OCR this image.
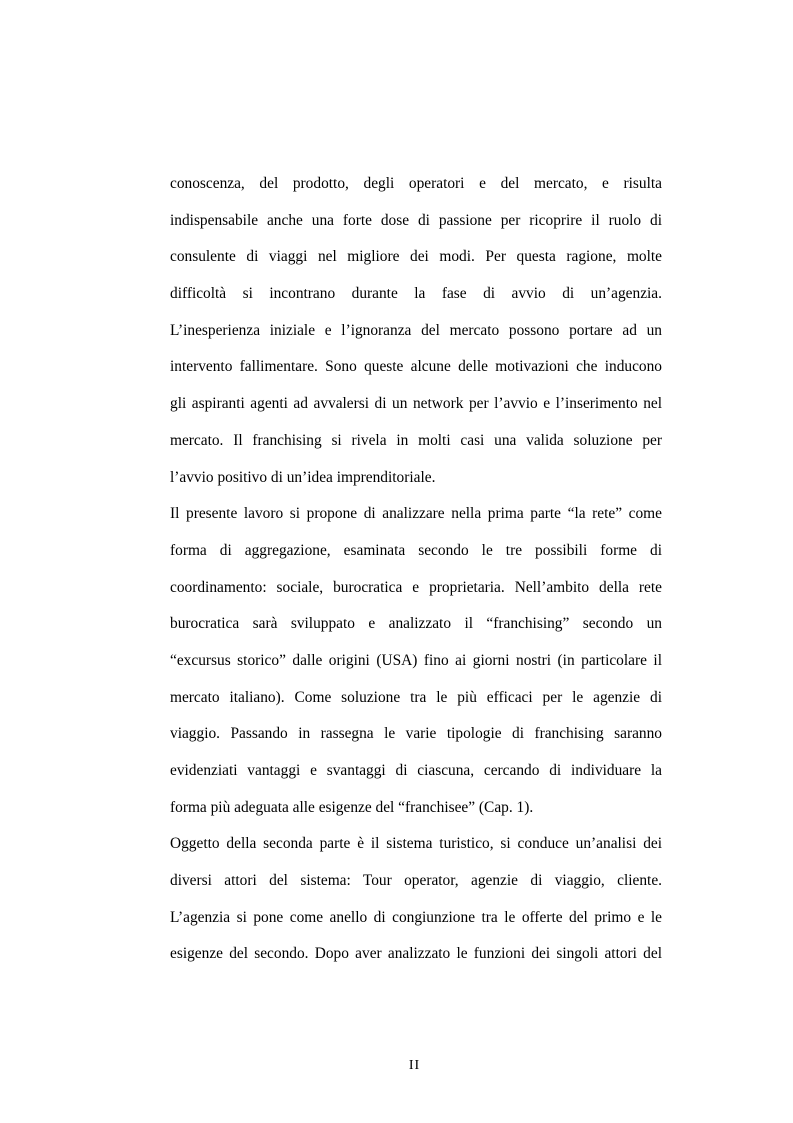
conoscenza, del prodotto, degli operatori e del mercato, e risulta
indispensabile anche una forte dose di passione per ricoprire il ruolo di
consulente di viaggi nel migliore dei modi. Per questa ragione, molte
difficoltà si incontrano durante la fase di avvio di un’agenzia.
L’inesperienza iniziale e l’ignoranza del mercato possono portare ad un
intervento fallimentare. Sono queste alcune delle motivazioni che inducono
gli aspiranti agenti ad avvalersi di un network per l’avvio e l’inserimento nel
mercato. Il franchising si rivela in molti casi una valida soluzione per
l’avvio positivo di un’idea imprenditoriale.
Il presente lavoro si propone di analizzare nella prima parte “la rete” come
forma di aggregazione, esaminata secondo le tre possibili forme di
coordinamento: sociale, burocratica e proprietaria. Nell’ambito della rete
burocratica sarà sviluppato e analizzato il “franchising” secondo un
“excursus storico” dalle origini (USA) fino ai giorni nostri (in particolare il
mercato italiano). Come soluzione tra le più efficaci per le agenzie di
viaggio. Passando in rassegna le varie tipologie di franchising saranno
evidenziati vantaggi e svantaggi di ciascuna, cercando di individuare la
forma più adeguata alle esigenze del “franchisee” (Cap. 1).
Oggetto della seconda parte è il sistema turistico, si conduce un’analisi dei
diversi attori del sistema: Tour operator, agenzie di viaggio, cliente.
L’agenzia si pone come anello di congiunzione tra le offerte del primo e le
esigenze del secondo. Dopo aver analizzato le funzioni dei singoli attori del
II
